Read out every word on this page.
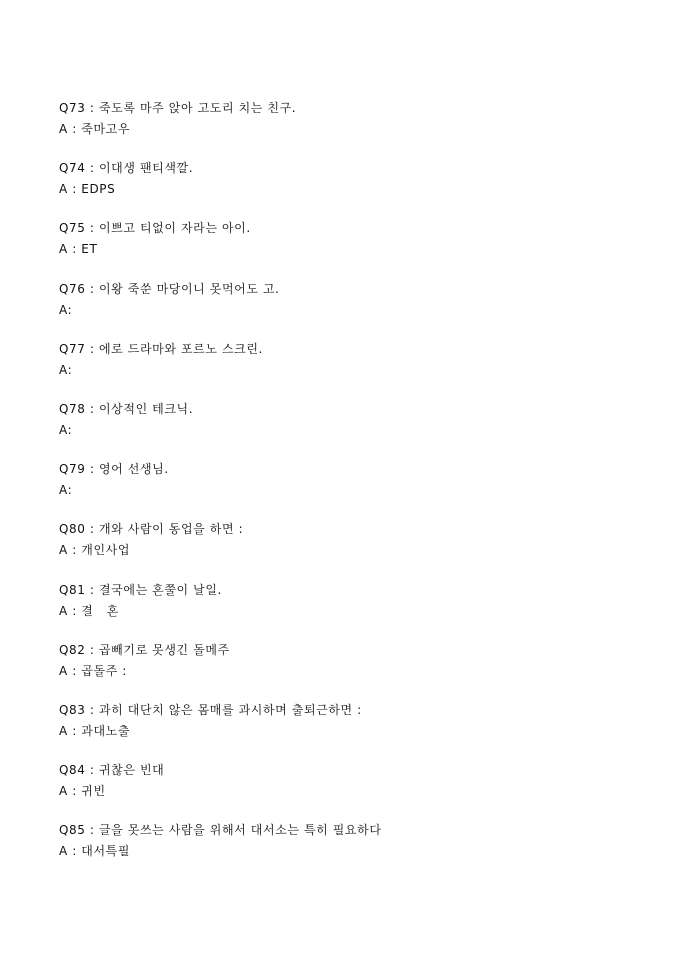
Q73 : 죽도록 마주 앉아 고도리 치는 친구.
A : 죽마고우
Q74 : 이대생 팬티색깔.
A : EDPS
Q75 : 이쁘고 티없이 자라는 아이.
A : ET
Q76 : 이왕 죽쑨 마당이니 못먹어도 고.
A:
Q77 : 에로 드라마와 포르노 스크린.
A:
Q78 : 이상적인 테크닉.
A:
Q79 : 영어 선생님.
A:
Q80 : 개와 사람이 동업을 하면 :
A : 개인사업
Q81 : 결국에는 혼쭐이 날일.
A : 결   혼
Q82 : 곱빼기로 못생긴 돌메주
A : 곱돌주 :
Q83 : 과히 대단치 않은 몸매를 과시하며 출퇴근하면 :
A : 과대노출
Q84 : 귀찮은 빈대
A : 귀빈
Q85 : 글을 못쓰는 사람을 위해서 대서소는 특히 필요하다
A : 대서특필
